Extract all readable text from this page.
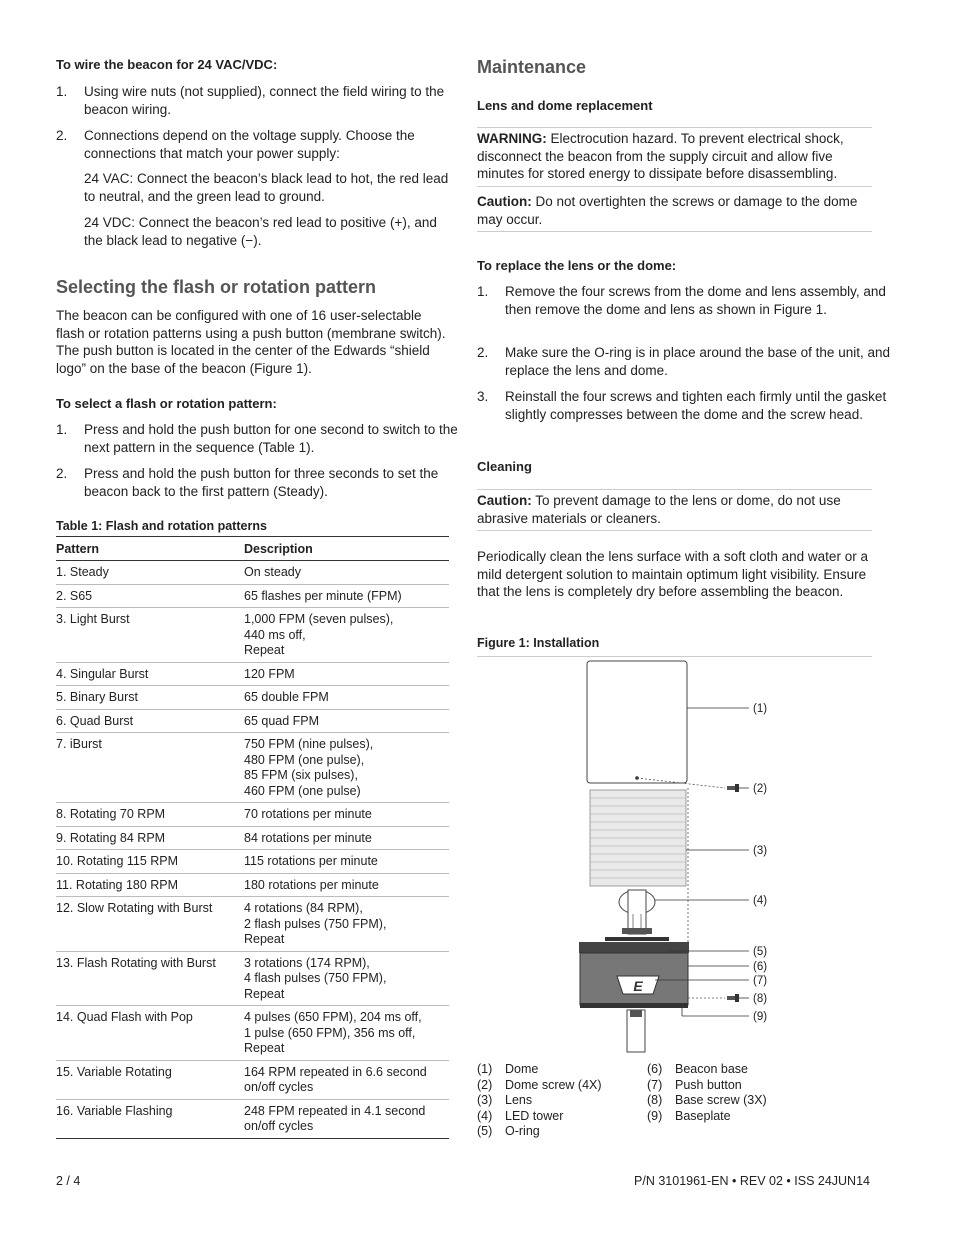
To wire the beacon for 24 VAC/VDC:
1. Using wire nuts (not supplied), connect the field wiring to the beacon wiring.
2. Connections depend on the voltage supply. Choose the connections that match your power supply:
24 VAC: Connect the beacon’s black lead to hot, the red lead to neutral, and the green lead to ground.
24 VDC: Connect the beacon’s red lead to positive (+), and the black lead to negative (−).
Selecting the flash or rotation pattern
The beacon can be configured with one of 16 user-selectable flash or rotation patterns using a push button (membrane switch). The push button is located in the center of the Edwards “shield logo” on the base of the beacon (Figure 1).
To select a flash or rotation pattern:
1. Press and hold the push button for one second to switch to the next pattern in the sequence (Table 1).
2. Press and hold the push button for three seconds to set the beacon back to the first pattern (Steady).
Table 1: Flash and rotation patterns
Pattern	Description
1. Steady	On steady
2. S65	65 flashes per minute (FPM)
3. Light Burst	1,000 FPM (seven pulses),
440 ms off,
Repeat
4. Singular Burst	120 FPM
5. Binary Burst	65 double FPM
6. Quad Burst	65 quad FPM
7. iBurst	750 FPM (nine pulses),
480 FPM (one pulse),
85 FPM (six pulses),
460 FPM (one pulse)
8. Rotating 70 RPM	70 rotations per minute
9. Rotating 84 RPM	84 rotations per minute
10. Rotating 115 RPM	115 rotations per minute
11. Rotating 180 RPM	180 rotations per minute
12. Slow Rotating with Burst	4 rotations (84 RPM),
2 flash pulses (750 FPM),
Repeat
13. Flash Rotating with Burst	3 rotations (174 RPM),
4 flash pulses (750 FPM),
Repeat
14. Quad Flash with Pop	4 pulses (650 FPM), 204 ms off,
1 pulse (650 FPM), 356 ms off,
Repeat
15. Variable Rotating	164 RPM repeated in 6.6 second
on/off cycles
16. Variable Flashing	248 FPM repeated in 4.1 second
on/off cycles
Maintenance
Lens and dome replacement
WARNING: Electrocution hazard. To prevent electrical shock, disconnect the beacon from the supply circuit and allow five minutes for stored energy to dissipate before disassembling.
Caution: Do not overtighten the screws or damage to the dome may occur.
To replace the lens or the dome:
1. Remove the four screws from the dome and lens assembly, and then remove the dome and lens as shown in Figure 1.
2. Make sure the O-ring is in place around the base of the unit, and replace the lens and dome.
3. Reinstall the four screws and tighten each firmly until the gasket slightly compresses between the dome and the screw head.
Cleaning
Caution: To prevent damage to the lens or dome, do not use abrasive materials or cleaners.
Periodically clean the lens surface with a soft cloth and water or a mild detergent solution to maintain optimum light visibility. Ensure that the lens is completely dry before assembling the beacon.
Figure 1: Installation
E
(1)
(2)
(3)
(4)
(5)
(6)
(7)
(8)
(9)
(1) Dome
(2) Dome screw (4X)
(3) Lens
(4) LED tower
(5) O-ring
(6) Beacon base
(7) Push button
(8) Base screw (3X)
(9) Baseplate
2 / 4	P/N 3101961-EN • REV 02 • ISS 24JUN14
